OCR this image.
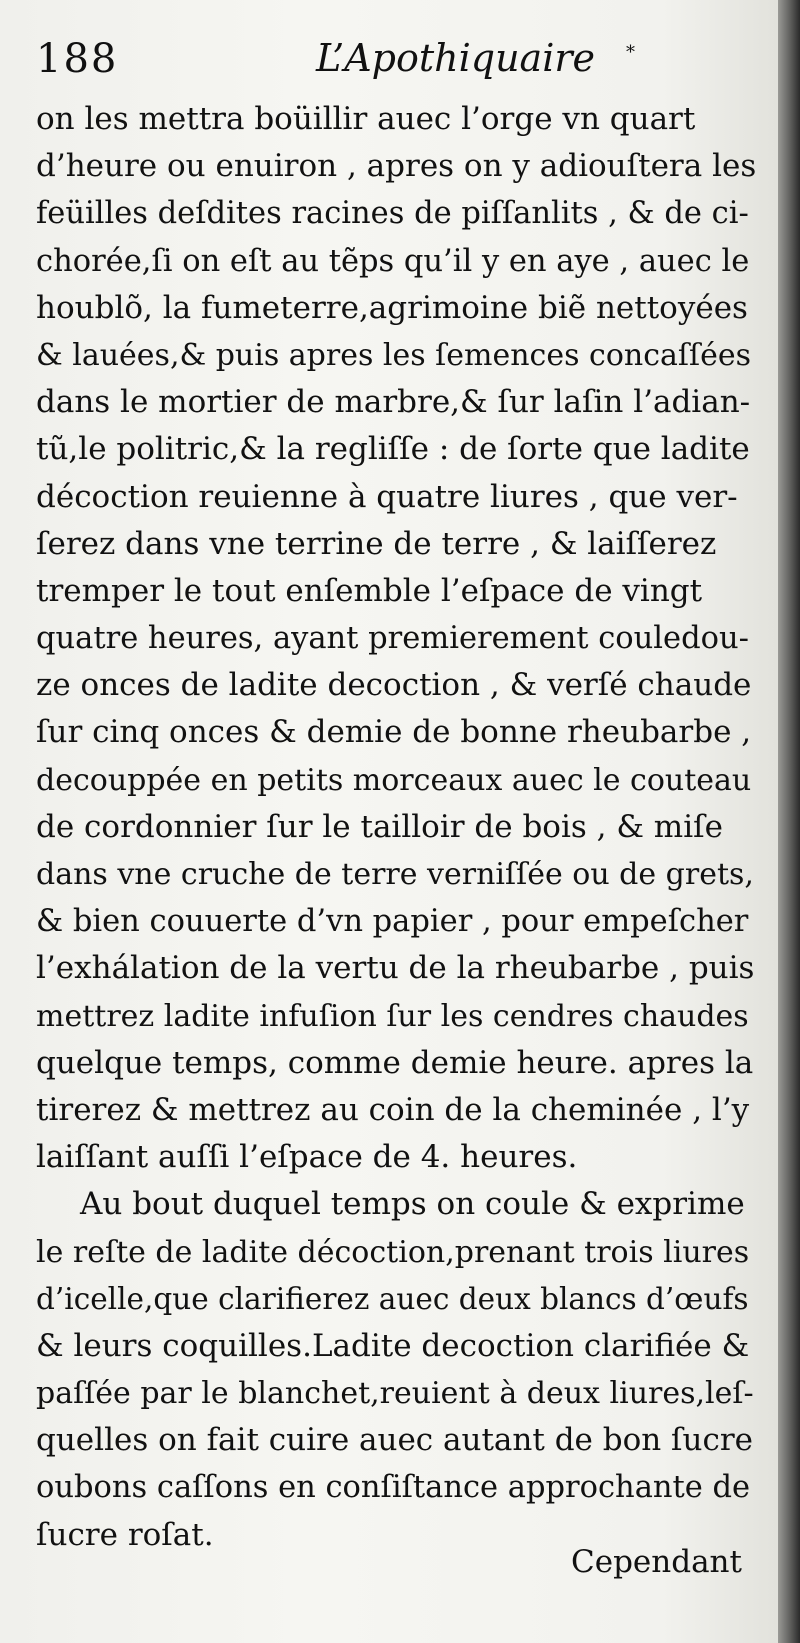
188	L’Apothiquaire *
on les mettra boüillir auec l’orge vn quart
d’heure ou enuiron , apres on y adiouſtera les
feüilles deſdites racines de piſſanlits , & de ci-
chorée,ſi on eſt au tẽps qu’il y en aye , auec le
houblõ, la fumeterre,agrimoine biẽ nettoyées
& lauées,& puis apres les ſemences concaſſées
dans le mortier de marbre,& ſur laſin l’adian-
tũ,le politric,& la regliſſe : de ſorte que ladite
décoction reuienne à quatre liures , que ver-
ſerez dans vne terrine de terre , & laiſſerez
tremper le tout enſemble l’eſpace de vingt
quatre heures, ayant premierement couledou-
ze onces de ladite decoction , & verſé chaude
ſur cinq onces & demie de bonne rheubarbe ,
decouppée en petits morceaux auec le couteau
de cordonnier ſur le tailloir de bois , & miſe
dans vne cruche de terre verniſſée ou de grets,
& bien couuerte d’vn papier , pour empeſcher
l’exhálation de la vertu de la rheubarbe , puis
mettrez ladite infuſion ſur les cendres chaudes
quelque temps, comme demie heure. apres la
tirerez & mettrez au coin de la cheminée , l’y
laiſſant auſſi l’eſpace de 4. heures.
Au bout duquel temps on coule & exprime
le reſte de ladite décoction,prenant trois liures
d’icelle,que clarifierez auec deux blancs d’œufs
& leurs coquilles.Ladite decoction clarifiée &
paſſée par le blanchet,reuient à deux liures,leſ-
quelles on fait cuire auec autant de bon ſucre
oubons caſſons en conſiſtance approchante de
ſucre roſat.
Cependant
